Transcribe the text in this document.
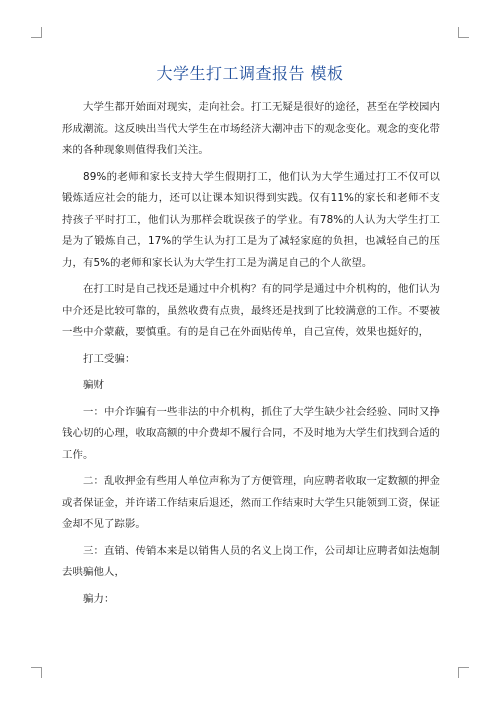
大学生打工调查报告 模板

大学生都开始面对现实，走向社会。打工无疑是很好的途径，甚至在学校园内形成潮流。这反映出当代大学生在市场经济大潮冲击下的观念变化。观念的变化带来的各种现象则值得我们关注。

89%的老师和家长支持大学生假期打工，他们认为大学生通过打工不仅可以锻炼适应社会的能力，还可以让课本知识得到实践。仅有11%的家长和老师不支持孩子平时打工，他们认为那样会耽误孩子的学业。有78%的人认为大学生打工是为了锻炼自己，17%的学生认为打工是为了减轻家庭的负担，也减轻自己的压力，有5%的老师和家长认为大学生打工是为满足自己的个人欲望。

在打工时是自己找还是通过中介机构？有的同学是通过中介机构的，他们认为中介还是比较可靠的，虽然收费有点贵，最终还是找到了比较满意的工作。不要被一些中介蒙蔽，要慎重。有的是自己在外面贴传单，自己宣传，效果也挺好的，

打工受骗：

骗财

一：中介诈骗有一些非法的中介机构，抓住了大学生缺少社会经验、同时又挣钱心切的心理，收取高额的中介费却不履行合同，不及时地为大学生们找到合适的工作。

二：乱收押金有些用人单位声称为了方便管理，向应聘者收取一定数额的押金或者保证金，并许诺工作结束后退还，然而工作结束时大学生只能领到工资，保证金却不见了踪影。

三：直销、传销本来是以销售人员的名义上岗工作，公司却让应聘者如法炮制去哄骗他人，

骗力：
